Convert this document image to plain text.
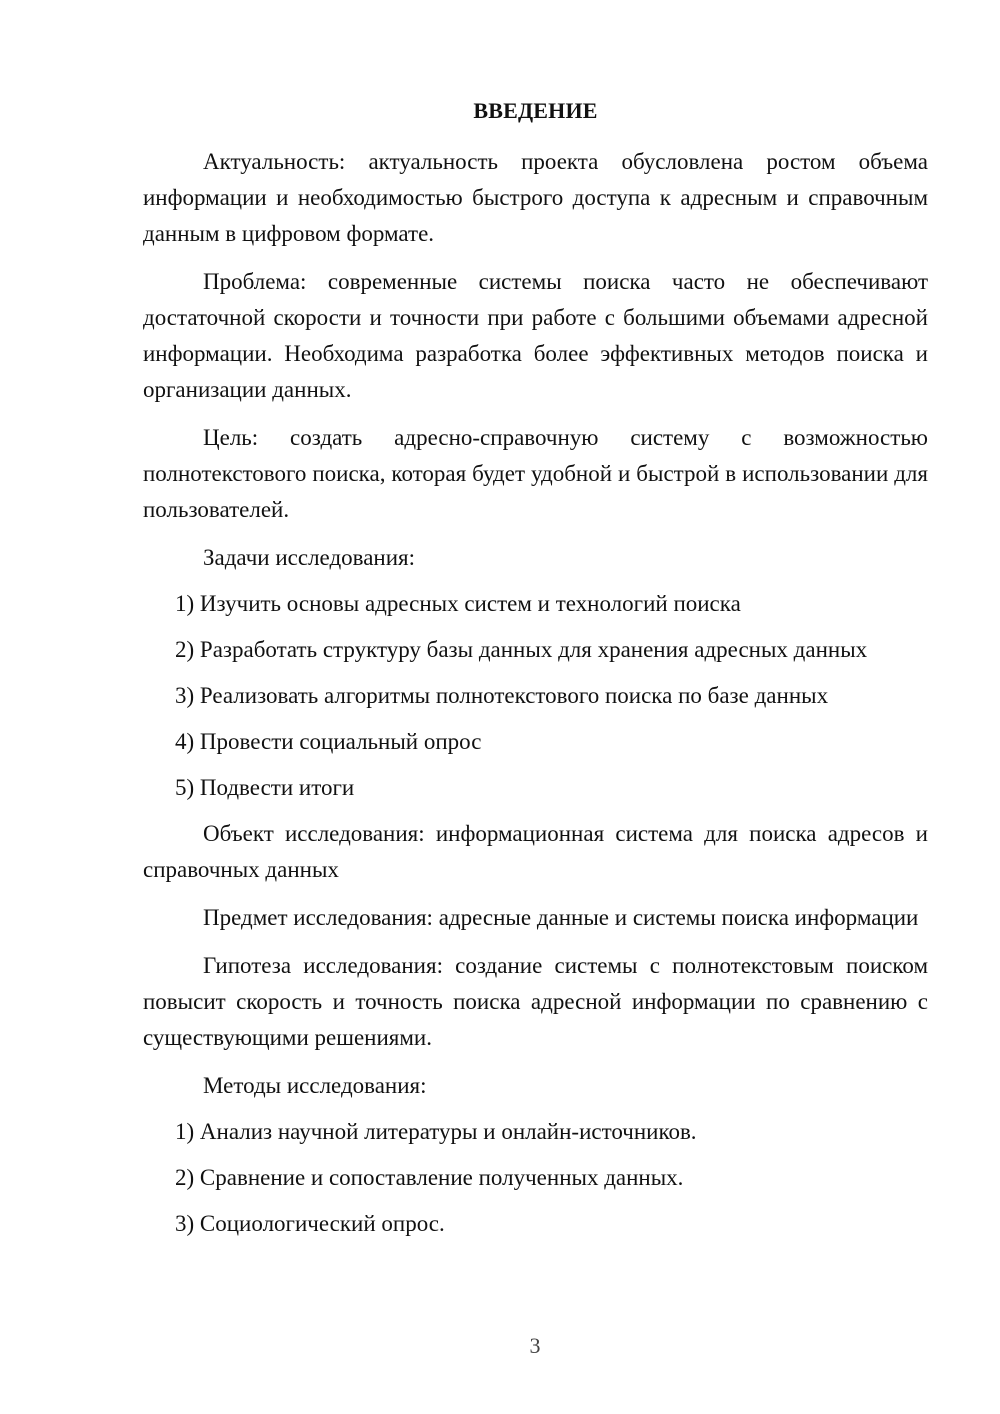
ВВЕДЕНИЕ

Актуальность: актуальность проекта обусловлена ростом объема информации и необходимостью быстрого доступа к адресным и справочным данным в цифровом формате.

Проблема: современные системы поиска часто не обеспечивают достаточной скорости и точности при работе с большими объемами адресной информации. Необходима разработка более эффективных методов поиска и организации данных.

Цель: создать адресно-справочную систему с возможностью полнотекстового поиска, которая будет удобной и быстрой в использовании для пользователей.

Задачи исследования:

1) Изучить основы адресных систем и технологий поиска
2) Разработать структуру базы данных для хранения адресных данных
3) Реализовать алгоритмы полнотекстового поиска по базе данных
4) Провести социальный опрос
5) Подвести итоги

Объект исследования: информационная система для поиска адресов и справочных данных

Предмет исследования: адресные данные и системы поиска информации

Гипотеза исследования: создание системы с полнотекстовым поиском повысит скорость и точность поиска адресной информации по сравнению с существующими решениями.

Методы исследования:

1) Анализ научной литературы и онлайн-источников.
2) Сравнение и сопоставление полученных данных.
3) Социологический опрос.
3
